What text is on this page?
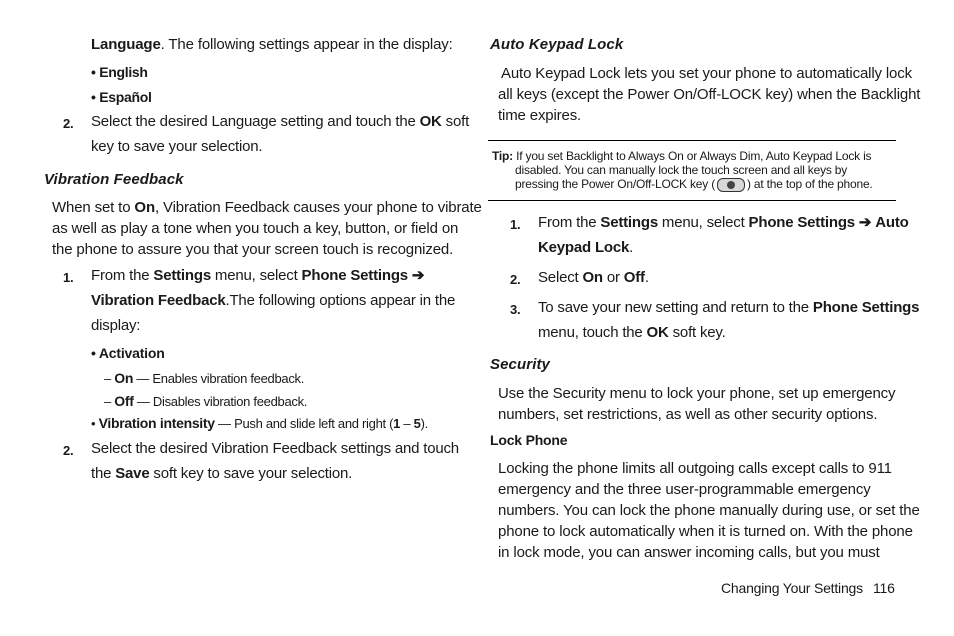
Language. The following settings appear in the display:
• English
• Español
2. Select the desired Language setting and touch the OK soft
key to save your selection.
Vibration Feedback
When set to On, Vibration Feedback causes your phone to vibrate
as well as play a tone when you touch a key, button, or field on
the phone to assure you that your screen touch is recognized.
1. From the Settings menu, select Phone Settings ➔
Vibration Feedback.The following options appear in the
display:
• Activation
– On — Enables vibration feedback.
– Off — Disables vibration feedback.
• Vibration intensity — Push and slide left and right (1 – 5).
2. Select the desired Vibration Feedback settings and touch
the Save soft key to save your selection.
Auto Keypad Lock
Auto Keypad Lock lets you set your phone to automatically lock
all keys (except the Power On/Off-LOCK key) when the Backlight
time expires.
Tip: If you set Backlight to Always On or Always Dim, Auto Keypad Lock is
disabled. You can manually lock the touch screen and all keys by
pressing the Power On/Off-LOCK key (	) at the top of the phone.
1. From the Settings menu, select Phone Settings ➔ Auto
Keypad Lock.
2. Select On or Off.
3. To save your new setting and return to the Phone Settings
menu, touch the OK soft key.
Security
Use the Security menu to lock your phone, set up emergency
numbers, set restrictions, as well as other security options.
Lock Phone
Locking the phone limits all outgoing calls except calls to 911
emergency and the three user-programmable emergency
numbers. You can lock the phone manually during use, or set the
phone to lock automatically when it is turned on. With the phone
in lock mode, you can answer incoming calls, but you must
Changing Your Settings 116
